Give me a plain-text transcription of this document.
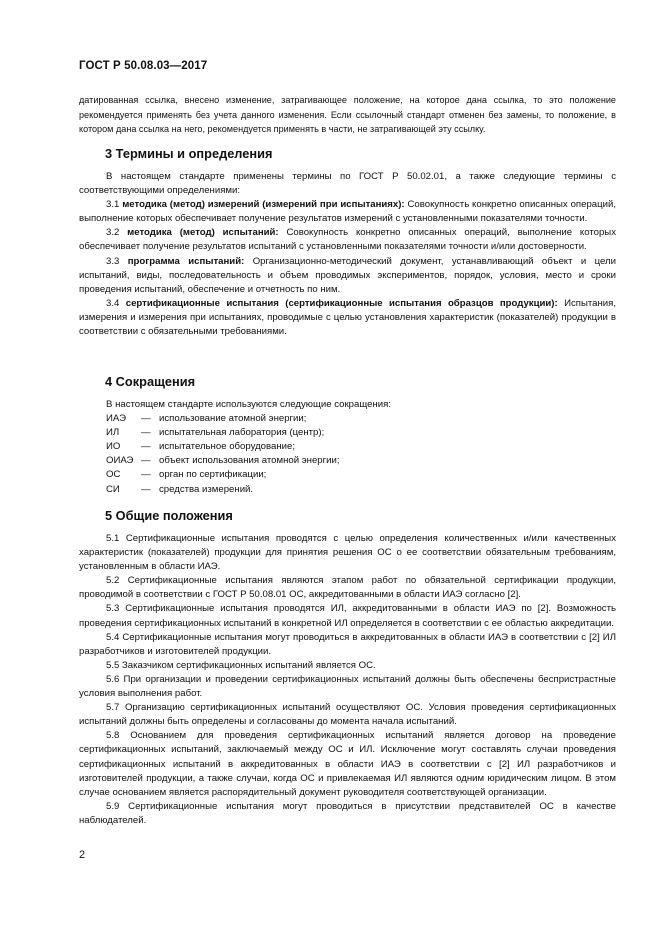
ГОСТ Р 50.08.03—2017

датированная ссылка, внесено изменение, затрагивающее положение, на которое дана ссылка, то это положение рекомендуется применять без учета данного изменения. Если ссылочный стандарт отменен без замены, то положение, в котором дана ссылка на него, рекомендуется применять в части, не затрагивающей эту ссылку.

3 Термины и определения

В настоящем стандарте применены термины по ГОСТ Р 50.02.01, а также следующие термины с соответствующими определениями:

3.1 методика (метод) измерений (измерений при испытаниях): Совокупность конкретно описанных операций, выполнение которых обеспечивает получение результатов измерений с установленными показателями точности.

3.2 методика (метод) испытаний: Совокупность конкретно описанных операций, выполнение которых обеспечивает получение результатов испытаний с установленными показателями точности и/или достоверности.

3.3 программа испытаний: Организационно-методический документ, устанавливающий объект и цели испытаний, виды, последовательность и объем проводимых экспериментов, порядок, условия, место и сроки проведения испытаний, обеспечение и отчетность по ним.

3.4 сертификационные испытания (сертификационные испытания образцов продукции): Испытания, измерения и измерения при испытаниях, проводимые с целью установления характеристик (показателей) продукции в соответствии с обязательными требованиями.

4 Сокращения

В настоящем стандарте используются следующие сокращения:

ИАЭ	— использование атомной энергии;
ИЛ	— испытательная лаборатория (центр);
ИО	— испытательное оборудование;
ОИАЭ — объект использования атомной энергии;
ОС	— орган по сертификации;
СИ	— средства измерений.
5 Общие положения

5.1 Сертификационные испытания проводятся с целью определения количественных и/или качественных характеристик (показателей) продукции для принятия решения ОС о ее соответствии обязательным требованиям, установленным в области ИАЭ.

5.2 Сертификационные испытания являются этапом работ по обязательной сертификации продукции, проводимой в соответствии с ГОСТ Р 50.08.01 ОС, аккредитованными в области ИАЭ согласно [2].

5.3 Сертификационные испытания проводятся ИЛ, аккредитованными в области ИАЭ по [2]. Возможность проведения сертификационных испытаний в конкретной ИЛ определяется в соответствии с ее областью аккредитации.

5.4 Сертификационные испытания могут проводиться в аккредитованных в области ИАЭ в соответствии с [2] ИЛ разработчиков и изготовителей продукции.

5.5 Заказчиком сертификационных испытаний является ОС.

5.6 При организации и проведении сертификационных испытаний должны быть обеспечены беспристрастные условия выполнения работ.

5.7 Организацию сертификационных испытаний осуществляют ОС. Условия проведения сертификационных испытаний должны быть определены и согласованы до момента начала испытаний.

5.8 Основанием для проведения сертификационных испытаний является договор на проведение сертификационных испытаний, заключаемый между ОС и ИЛ. Исключение могут составлять случаи проведения сертификационных испытаний в аккредитованных в области ИАЭ в соответствии с [2] ИЛ разработчиков и изготовителей продукции, а также случаи, когда ОС и привлекаемая ИЛ являются одним юридическим лицом. В этом случае основанием является распорядительный документ руководителя соответствующей организации.

5.9 Сертификационные испытания могут проводиться в присутствии представителей ОС в качестве наблюдателей.

2
